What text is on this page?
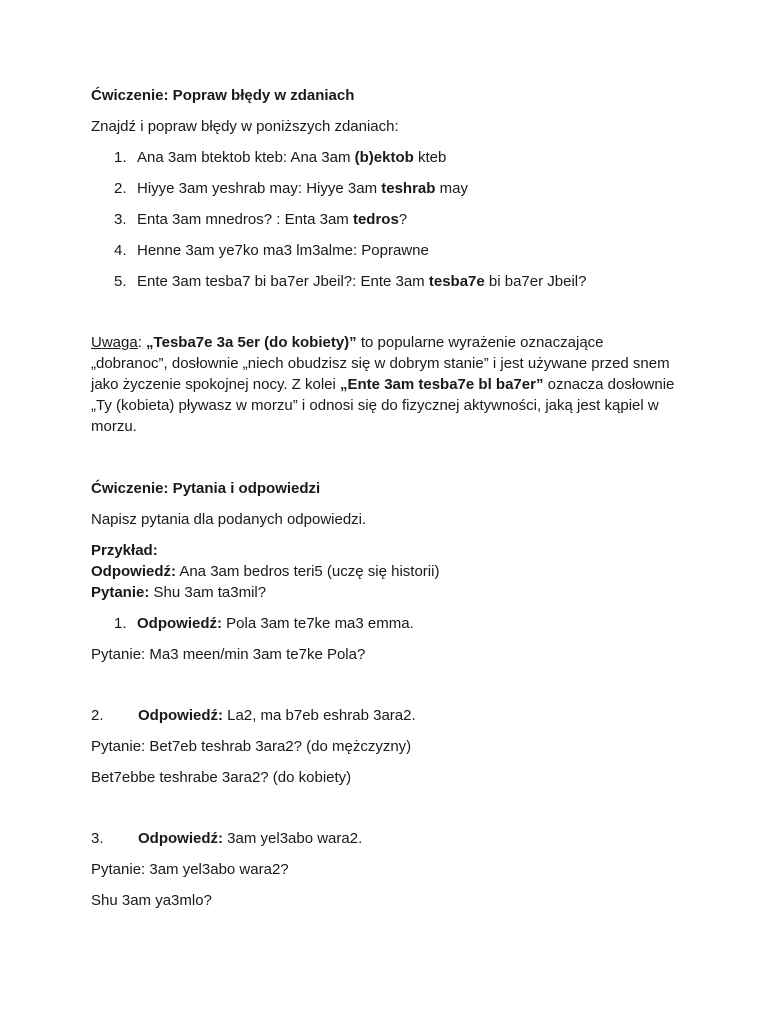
Ćwiczenie: Popraw błędy w zdaniach
Znajdź i popraw błędy w poniższych zdaniach:
1. Ana 3am btektob kteb: Ana 3am (b)ektob kteb
2. Hiyye 3am yeshrab may: Hiyye 3am teshrab may
3. Enta 3am mnedros? : Enta 3am tedros?
4. Henne 3am ye7ko ma3 lm3alme: Poprawne
5. Ente 3am tesba7 bi ba7er Jbeil?: Ente 3am tesba7e bi ba7er Jbeil?
Uwaga: „Tesba7e 3a 5er (do kobiety)” to popularne wyrażenie oznaczające „dobranoc”, dosłownie „niech obudzisz się w dobrym stanie” i jest używane przed snem jako życzenie spokojnej nocy. Z kolei „Ente 3am tesba7e bl ba7er” oznacza dosłownie „Ty (kobieta) pływasz w morzu” i odnosi się do fizycznej aktywności, jaką jest kąpiel w morzu.
Ćwiczenie: Pytania i odpowiedzi
Napisz pytania dla podanych odpowiedzi.
Przykład:
Odpowiedź: Ana 3am bedros teri5 (uczę się historii)
Pytanie: Shu 3am ta3mil?
1. Odpowiedź: Pola 3am te7ke ma3 emma.
Pytanie: Ma3 meen/min 3am te7ke Pola?
2. Odpowiedź: La2, ma b7eb eshrab 3ara2.
Pytanie: Bet7eb teshrab 3ara2? (do mężczyzny)
Bet7ebbe teshrabe 3ara2? (do kobiety)
3. Odpowiedź: 3am yel3abo wara2.
Pytanie: 3am yel3abo wara2?
Shu 3am ya3mlo?
